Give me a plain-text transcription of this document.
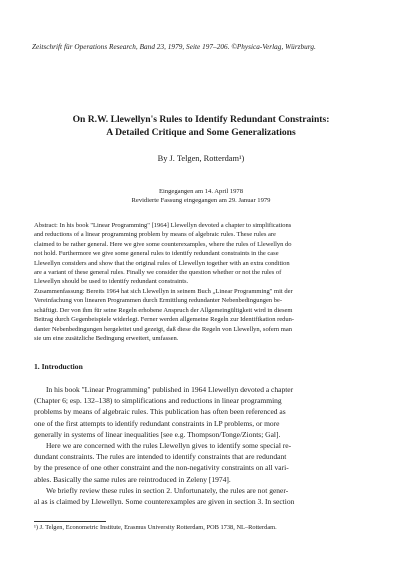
Zeitschrift für Operations Research, Band 23, 1979, Seite 197–206. ©Physica-Verlag, Würzburg.
On R.W. Llewellyn's Rules to Identify Redundant Constraints:
A Detailed Critique and Some Generalizations
By J. Telgen, Rotterdam¹)
Eingegangen am 14. April 1978
Revidierte Fassung eingegangen am 29. Januar 1979
Abstract: In his book "Linear Programming" [1964] Llewellyn devoted a chapter to simplifications
and reductions of a linear programming problem by means of algebraic rules. These rules are
claimed to be rather general. Here we give some counterexamples, where the rules of Llewellyn do
not hold. Furthermore we give some general rules to identify redundant constraints in the case
Llewellyn considers and show that the original rules of Llewellyn together with an extra condition
are a variant of these general rules. Finally we consider the question whether or not the rules of
Llewellyn should be used to identify redundant constraints.
Zusammenfassung: Bereits 1964 hat sich Llewellyn in seinem Buch „Linear Programming" mit der
Vereinfachung von linearen Programmen durch Ermittlung redundanter Nebenbedingungen be-
schäftigt. Der von ihm für seine Regeln erhobene Anspruch der Allgemeingültigkeit wird in diesem
Beitrag durch Gegenbeispiele widerlegt. Ferner werden allgemeine Regeln zur Identifikation redun-
danter Nebenbedingungen hergeleitet und gezeigt, daß diese die Regeln von Llewellyn, sofern man
sie um eine zusätzliche Bedingung erweitert, umfassen.
1. Introduction
In his book "Linear Programming" published in 1964 Llewellyn devoted a chapter
(Chapter 6; esp. 132–138) to simplifications and reductions in linear programming
problems by means of algebraic rules. This publication has often been referenced as
one of the first attempts to identify redundant constraints in LP problems, or more
generally in systems of linear inequalities [see e.g. Thompson/Tonge/Zionts; Gal].
Here we are concerned with the rules Llewellyn gives to identify some special re-
dundant constraints. The rules are intended to identify constraints that are redundant
by the presence of one other constraint and the non-negativity constraints on all vari-
ables. Basically the same rules are reintroduced in Zeleny [1974].
We briefly review these rules in section 2. Unfortunately, the rules are not gener-
al as is claimed by Llewellyn. Some counterexamples are given in section 3. In section
¹) J. Telgen, Econometric Institute, Erasmus University Rotterdam, POB 1738, NL–Rotterdam.
